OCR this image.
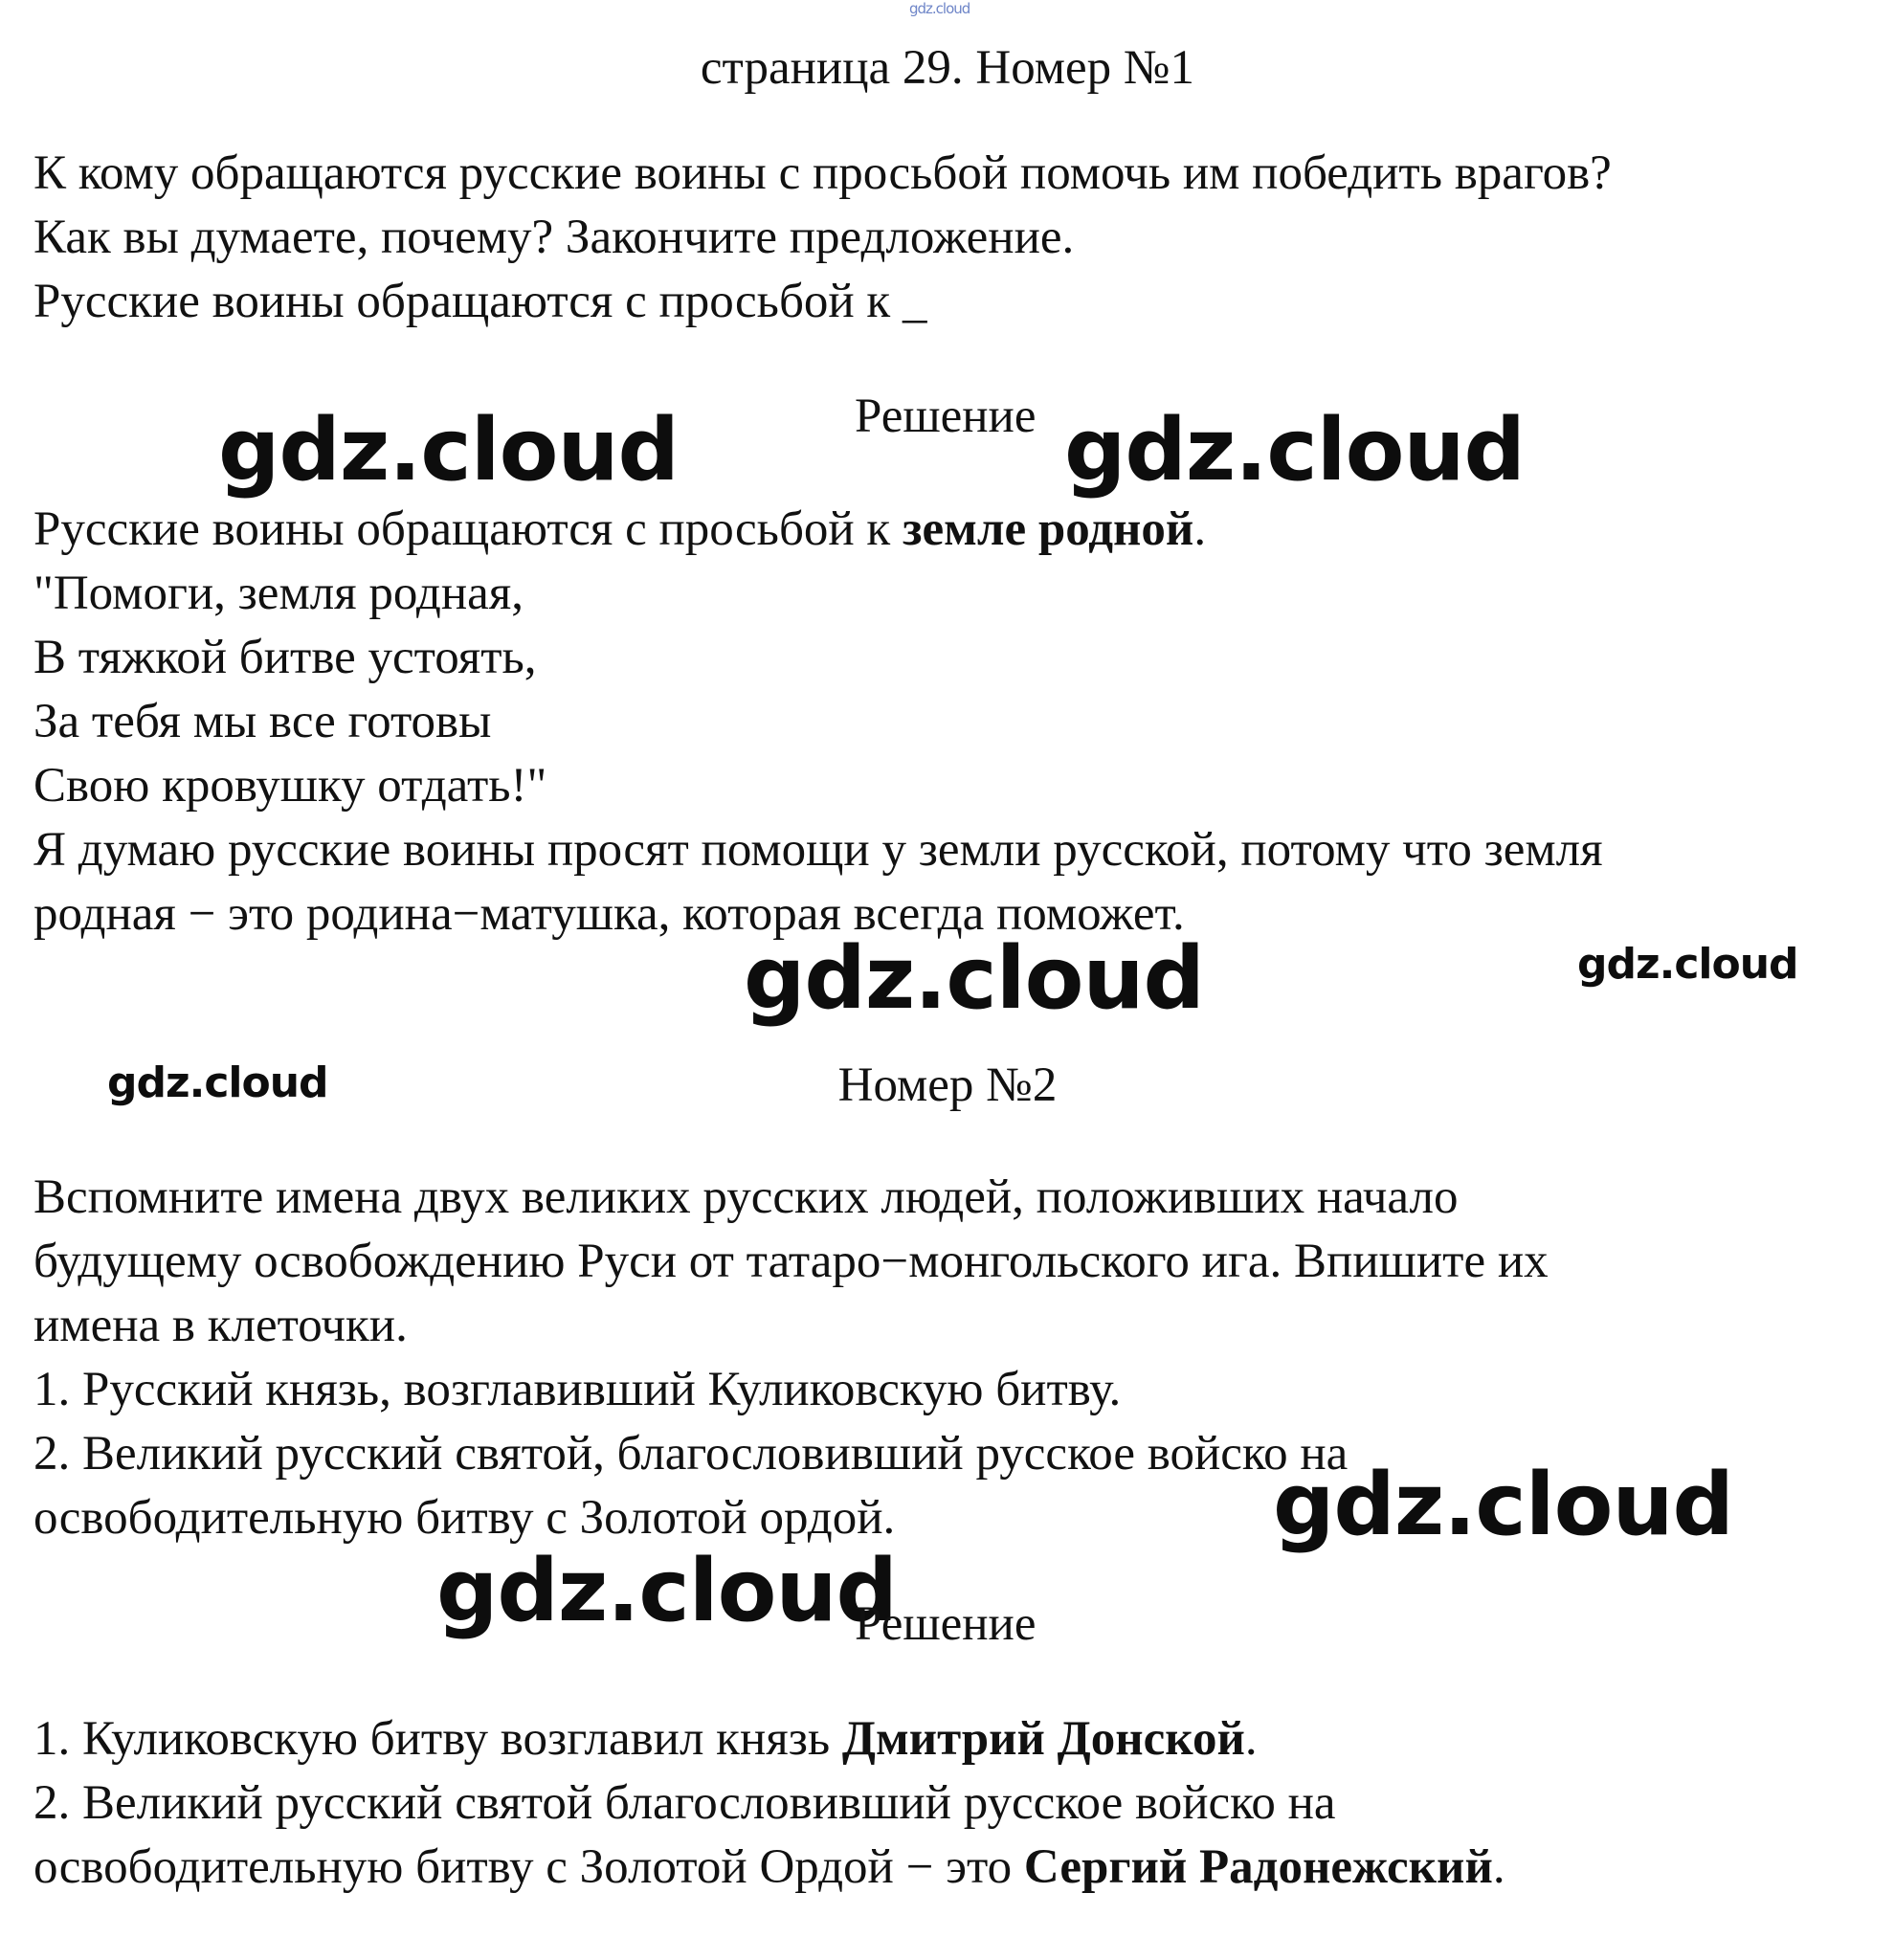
gdz.cloud
страница 29. Номер №1
К кому обращаются русские воины с просьбой помочь им победить врагов?
Как вы думаете, почему? Закончите предложение.
Русские воины обращаются с просьбой к _
Решение
gdz.cloud	gdz.cloud
Русские воины обращаются с просьбой к земле родной.
"Помоги, земля родная,
В тяжкой битве устоять,
За тебя мы все готовы
Свою кровушку отдать!"
Я думаю русские воины просят помощи у земли русской, потому что земля
родная − это родина−матушка, которая всегда поможет.
gdz.cloud	gdz.cloud
gdz.cloud	Номер №2
Вспомните имена двух великих русских людей, положивших начало
будущему освобождению Руси от татаро−монгольского ига. Впишите их
имена в клеточки.
1. Русский князь, возглавивший Куликовскую битву.
2. Великий русский святой, благословивший русское войско на
освободительную битву с Золотой ордой.	gdz.cloud
gdz.cloud
Решение
1. Куликовскую битву возглавил князь Дмитрий Донской.
2. Великий русский святой благословивший русское войско на
освободительную битву с Золотой Ордой − это Сергий Радонежский.
